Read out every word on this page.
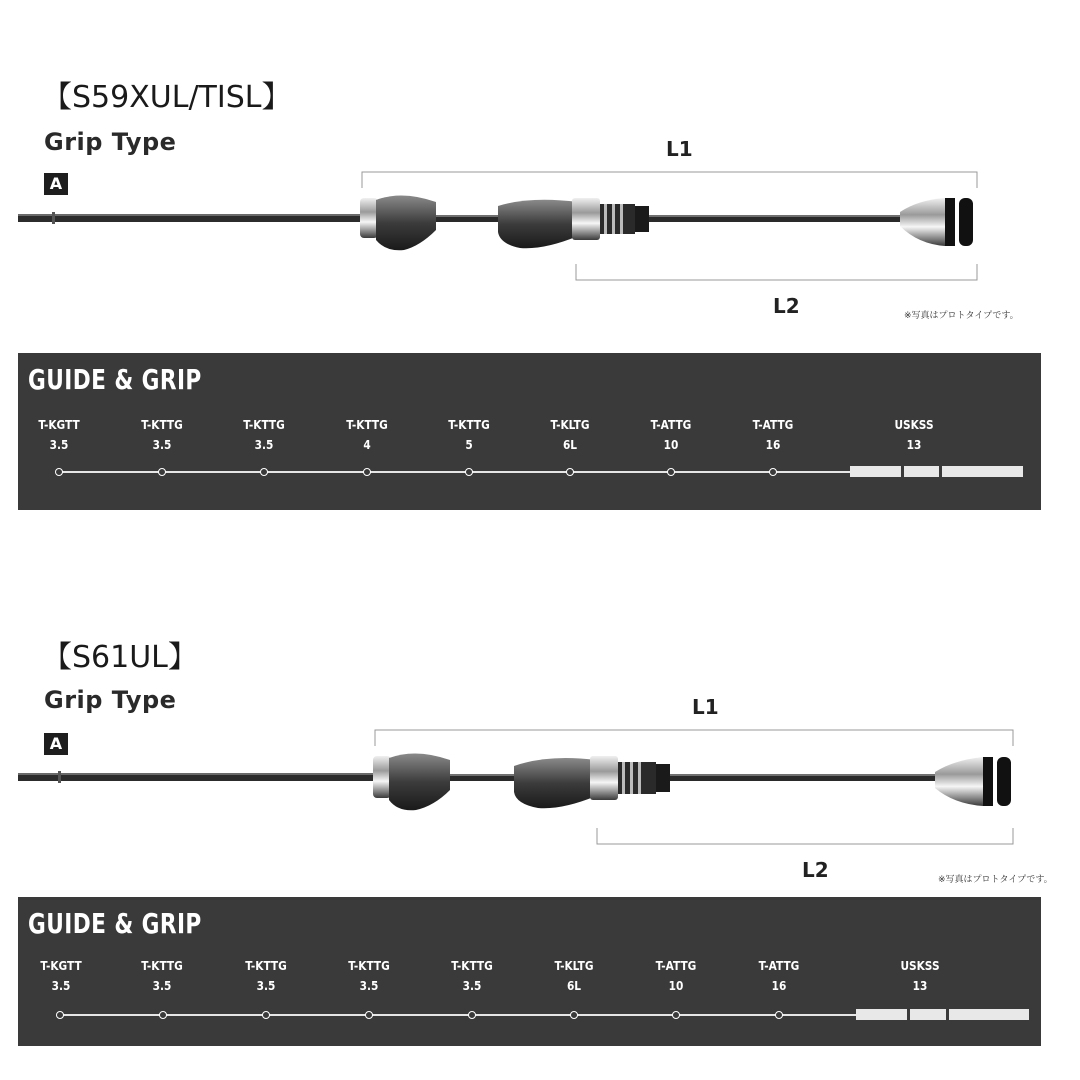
【S59XUL/TISL】
Grip Type
A
L1
L2	※写真はプロトタイプです。
GUIDE & GRIP
T-KGTT
3.5
T-KTTG
3.5
T-KTTG
3.5
T-KTTG
4
T-KTTG
5
T-KLTG
6L
T-ATTG
10
T-ATTG
16
USKSS
13
【S61UL】
Grip Type
A
L1
L2	※写真はプロトタイプです。
GUIDE & GRIP
T-KGTT
3.5
T-KTTG
3.5
T-KTTG
3.5
T-KTTG
3.5
T-KTTG
3.5
T-KLTG
6L
T-ATTG
10
T-ATTG
16
USKSS
13
